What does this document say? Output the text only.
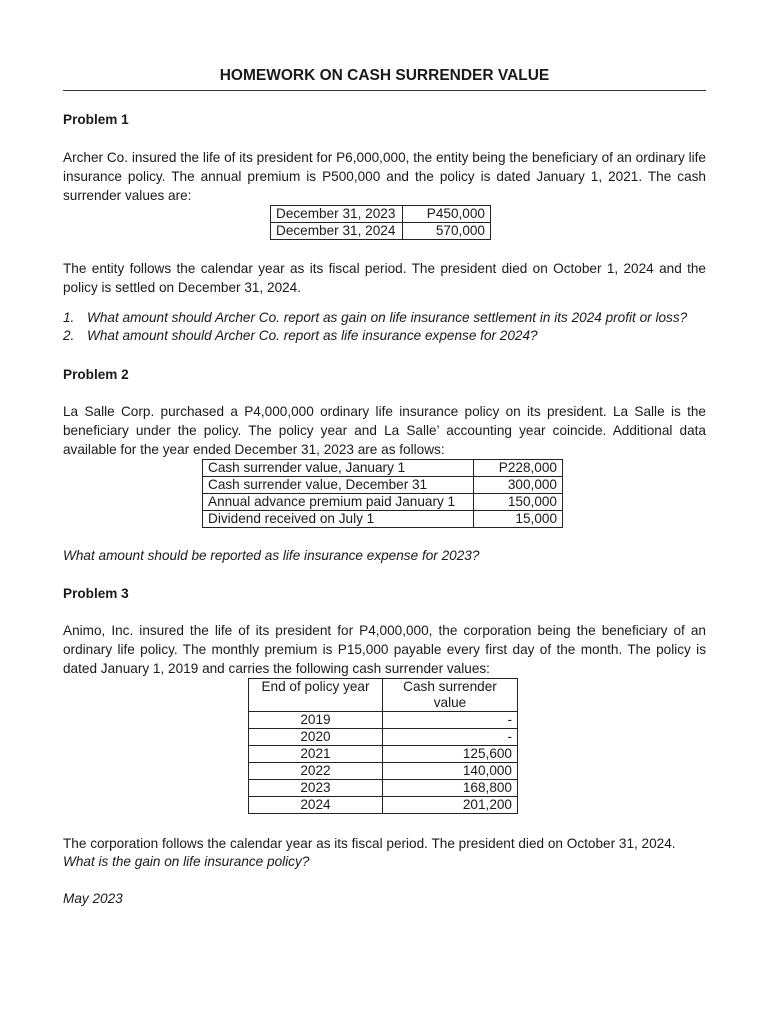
HOMEWORK ON CASH SURRENDER VALUE
Problem 1
Archer Co. insured the life of its president for P6,000,000, the entity being the beneficiary of an ordinary life insurance policy. The annual premium is P500,000 and the policy is dated January 1, 2021. The cash surrender values are:
December 31, 2023	P450,000
December 31, 2024	570,000
The entity follows the calendar year as its fiscal period. The president died on October 1, 2024 and the policy is settled on December 31, 2024.
1. What amount should Archer Co. report as gain on life insurance settlement in its 2024 profit or loss?
2. What amount should Archer Co. report as life insurance expense for 2024?
Problem 2
La Salle Corp. purchased a P4,000,000 ordinary life insurance policy on its president. La Salle is the beneficiary under the policy. The policy year and La Salle’ accounting year coincide. Additional data available for the year ended December 31, 2023 are as follows:
Cash surrender value, January 1	P228,000
Cash surrender value, December 31	300,000
Annual advance premium paid January 1	150,000
Dividend received on July 1	15,000
What amount should be reported as life insurance expense for 2023?
Problem 3
Animo, Inc. insured the life of its president for P4,000,000, the corporation being the beneficiary of an ordinary life policy. The monthly premium is P15,000 payable every first day of the month. The policy is dated January 1, 2019 and carries the following cash surrender values:
End of policy year	Cash surrender value
2019	-
2020	-
2021	125,600
2022	140,000
2023	168,800
2024	201,200
The corporation follows the calendar year as its fiscal period. The president died on October 31, 2024.
What is the gain on life insurance policy?
May 2023
